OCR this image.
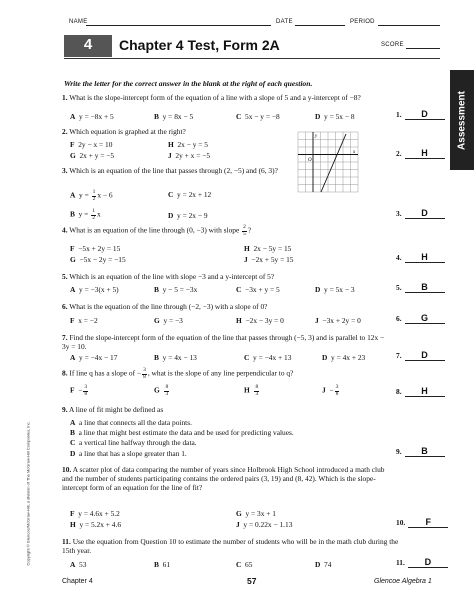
NAME	DATE	PERIOD
4	Chapter 4 Test, Form 2A	SCORE
Assessment
Copyright © Glencoe/McGraw-Hill, a division of The McGraw-Hill Companies, Inc.
Write the letter for the correct answer in the blank at the right of each question.
1. What is the slope-intercept form of the equation of a line with a slope of 5 and a y-intercept of −8?
A y = −8x + 5	B y = 8x − 5	C 5x − y = −8	D y = 5x − 8	1. D
2. Which equation is graphed at the right?
F 2y − x = 10	H 2x − y = 5
G 2x + y = −5	J 2y + x = −5	2. H
O
x
y
3. Which is an equation of the line that passes through (2, −5) and (6, 3)?
A  $y = \frac{1}{2}$ x − 6	C y = 2x + 12
B  $y = \frac{1}{2}$ x	D y = 2x − 9	3. D
4. What is an equation of the line through (0, −3) with slope $\frac{2}{5}$ ?
F −5x + 2y = 15	H 2x − 5y = 15
G −5x − 2y = −15	J −2x + 5y = 15	4. H
5. Which is an equation of the line with slope −3 and a y-intercept of 5?
A y = −3(x + 5)	B y − 5 = −3x	C −3x + y = 5	D y = 5x − 3	5. B
6. What is the equation of the line through (−2, −3) with a slope of 0?
F x = −2	G y = −3	H −2x − 3y = 0	J −3x + 2y = 0	6. G
7. Find the slope-intercept form of the equation of the line that passes through (−5, 3) and is parallel to 12x − 3y = 10.
A y = −4x − 17	B y = 4x − 13	C y = −4x + 13	D y = 4x + 23	7. D
8. If line q has a slope of − $\frac{3}{8}$ , what is the slope of any line perpendicular to q?
$F - \frac{3}{8}$	G $\frac{8}{3}$	H $\frac{8}{3}$	$J - \frac{3}{8}$	8. H
9. A line of fit might be defined as
A a line that connects all the data points.
B a line that might best estimate the data and be used for predicting values.
C a vertical line halfway through the data.
D a line that has a slope greater than 1.	9. B
10. A scatter plot of data comparing the number of years since Holbrook High School introduced a math club and the number of students participating contains the ordered pairs (3, 19) and (8, 42). Which is the slope-intercept form of an equation for the line of fit?
F y = 4.6x + 5.2	G y = 3x + 1
H y = 5.2x + 4.6	J y = 0.22x − 1.13	10. F
11. Use the equation from Question 10 to estimate the number of students who will be in the math club during the 15th year.
A 53	B 61	C 65	D 74	11. D
Chapter 4	57	Glencoe Algebra 1
